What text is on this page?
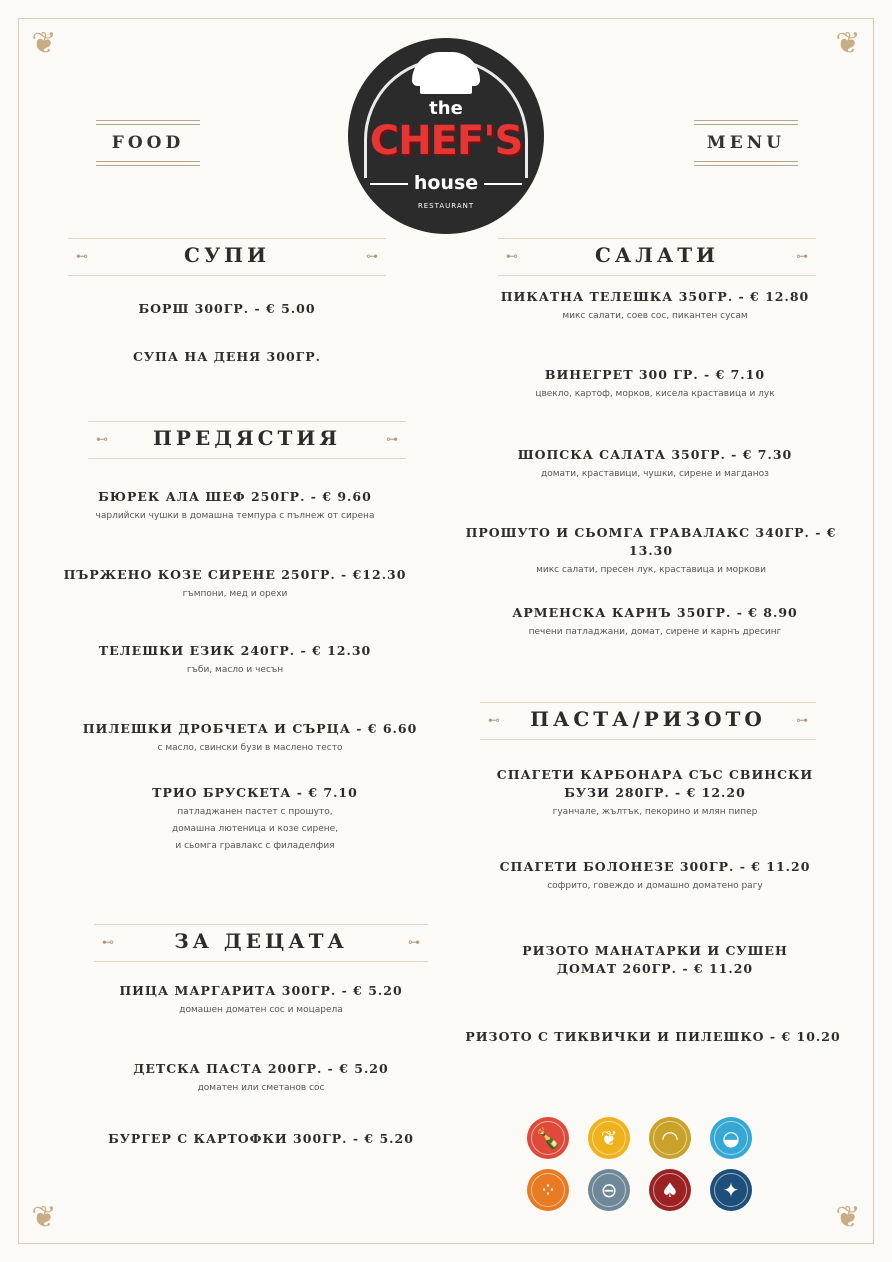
❦	❦
❦	❦
FOOD	MENU
the
CHEF'S
house
RESTAURANT
⊷	СУПИ	⊶
БОРШ 300ГР. - € 5.00
СУПА НА ДЕНЯ 300ГР.
⊷	ПРЕДЯСТИЯ	⊶
БЮРЕК АЛА ШЕФ 250ГР. - € 9.60
чарлийски чушки в домашна темпура с пълнеж от сирена
ПЪРЖЕНО КОЗЕ СИРЕНЕ 250ГР. - €12.30
гъмпони, мед и орехи
ТЕЛЕШКИ ЕЗИК 240ГР. - € 12.30
гъби, масло и чесън
ПИЛЕШКИ ДРОБЧЕТА И СЪРЦА - € 6.60
с масло, свински бузи в маслено тесто
ТРИО БРУСКЕТА - € 7.10
патладжанен пастет с прошуто,
домашна лютеница и козе сирене,
и сьомга гравлакс с филаделфия
⊷	ЗА ДЕЦАТА	⊶
ПИЦА МАРГАРИТА 300ГР. - € 5.20
домашен доматен сос и моцарела
ДЕТСКА ПАСТА 200ГР. - € 5.20
доматен или сметанов сос
БУРГЕР С КАРТОФКИ 300ГР. - € 5.20
⊷	САЛАТИ	⊶
ПИКАТНА ТЕЛЕШКА 350ГР. - € 12.80
микс салати, соев сос, пикантен сусам
ВИНЕГРЕТ 300 ГР. - € 7.10
цвекло, картоф, морков, кисела краставица и лук
ШОПСКА САЛАТА 350ГР. - € 7.30
домати, краставици, чушки, сирене и магданоз
ПРОШУТО И СЬОМГА ГРАВАЛАКС 340ГР. - € 13.30
микс салати, пресен лук, краставица и моркови
АРМЕНСКА КАРНЪ 350ГР. - € 8.90
печени патладжани, домат, сирене и карнъ дресинг
⊷	ПАСТА/РИЗОТО	⊶
СПАГЕТИ КАРБОНАРА СЪС СВИНСКИ
БУЗИ 280ГР. - € 12.20
гуанчале, жълтък, пекорино и млян пипер
СПАГЕТИ БОЛОНЕЗЕ 300ГР. - € 11.20
софрито, говеждо и домашно доматено рагу
РИЗОТО МАНАТАРКИ И СУШЕН
ДОМАТ 260ГР. - € 11.20
РИЗОТО С ТИКВИЧКИ И ПИЛЕШКО - € 10.20
🍾	❦	◠	◒
⁘	⊖	♠	✦
